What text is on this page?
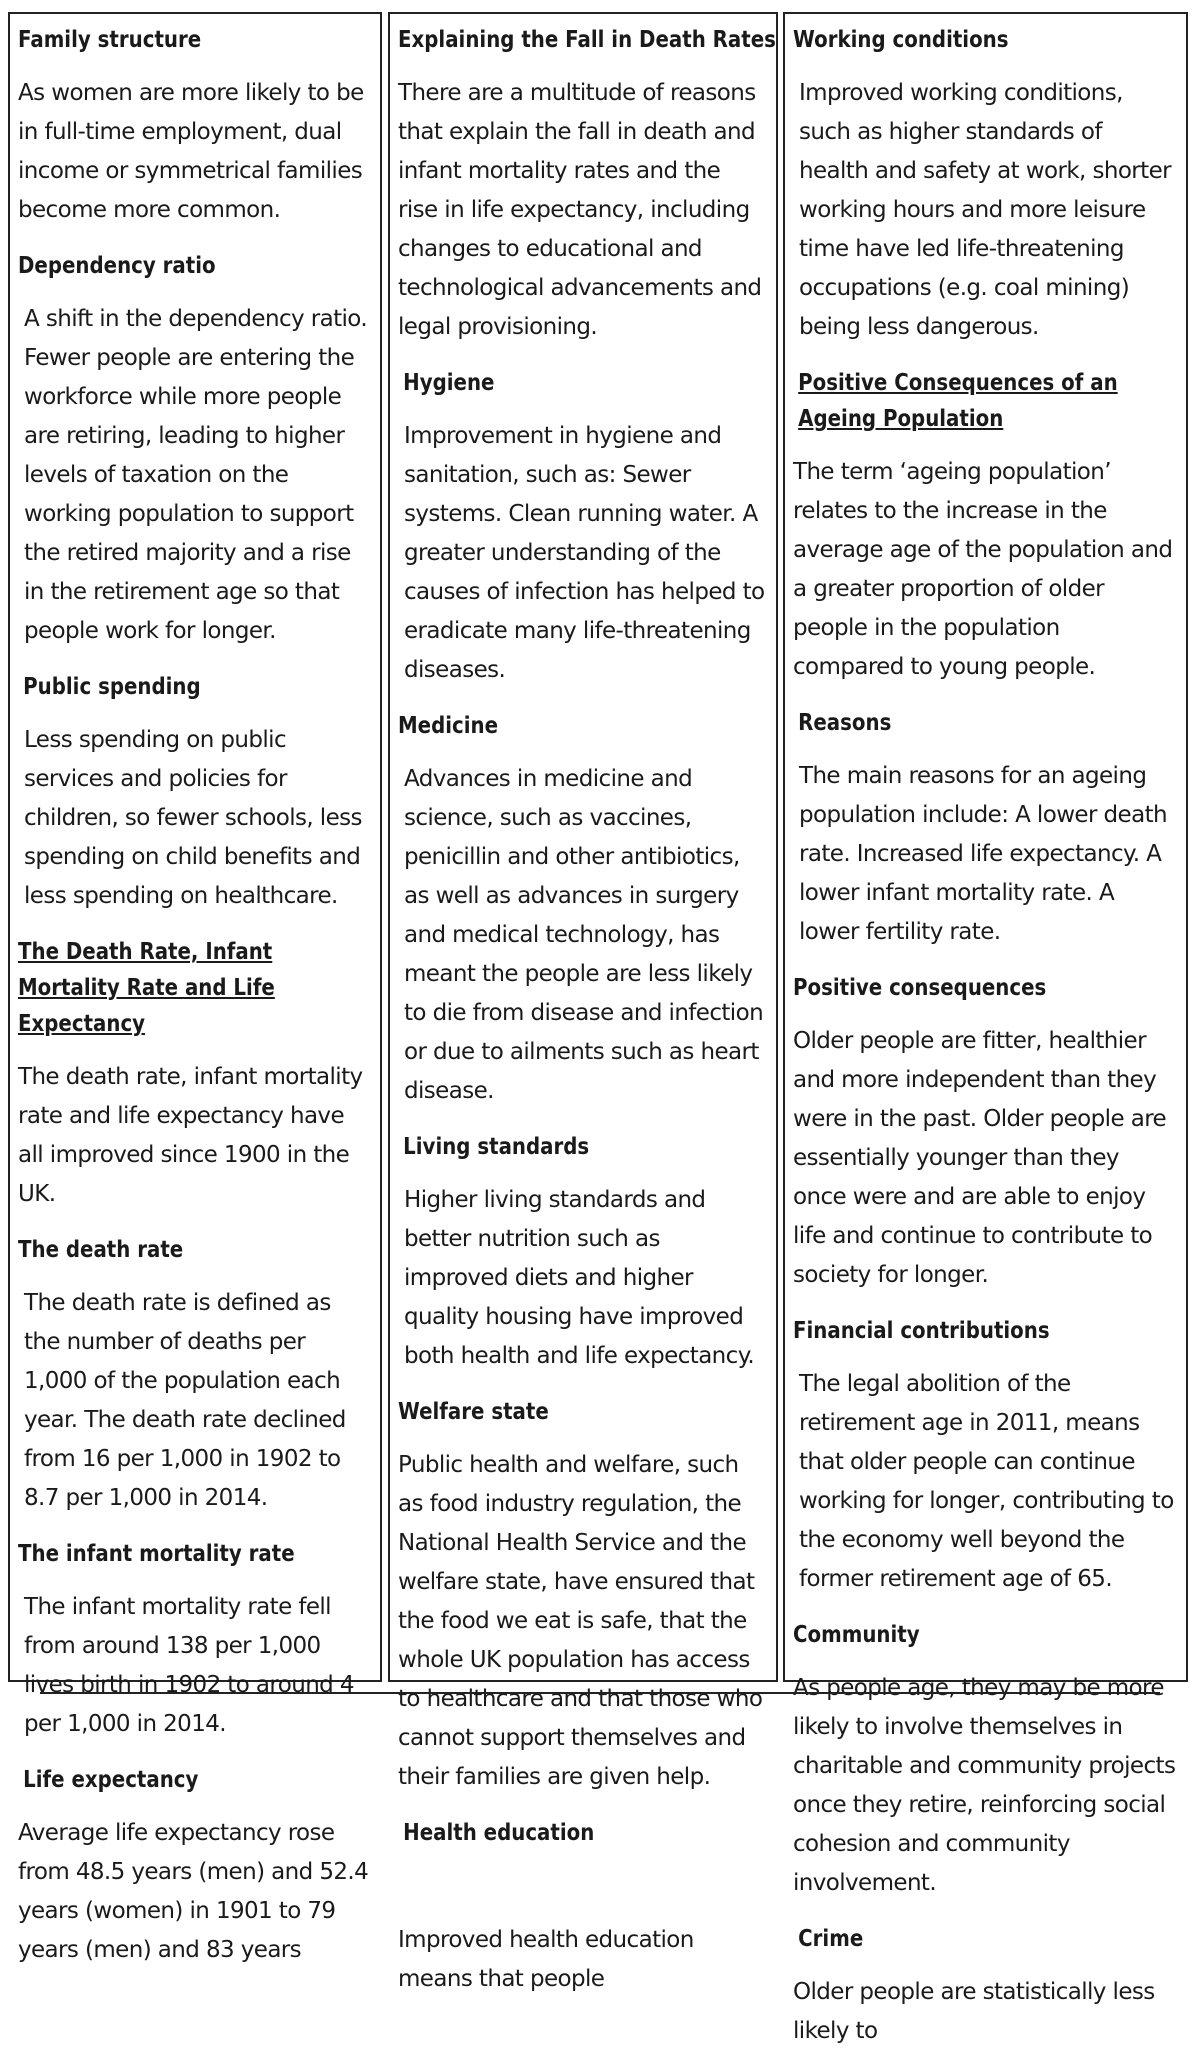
Family structure

As women are more likely to be in full-time employment, dual income or symmetrical families become more common.

Dependency ratio

A shift in the dependency ratio. Fewer people are entering the workforce while more people are retiring, leading to higher levels of taxation on the working population to support the retired majority and a rise in the retirement age so that people work for longer.

Public spending

Less spending on public services and policies for children, so fewer schools, less spending on child benefits and less spending on healthcare.

The Death Rate, Infant Mortality Rate and Life Expectancy

The death rate, infant mortality rate and life expectancy have all improved since 1900 in the UK.

The death rate

The death rate is defined as the number of deaths per 1,000 of the population each year. The death rate declined from 16 per 1,000 in 1902 to 8.7 per 1,000 in 2014.

The infant mortality rate

The infant mortality rate fell from around 138 per 1,000 lives birth in 1902 to around 4 per 1,000 in 2014.

Life expectancy

Average life expectancy rose from 48.5 years (men) and 52.4 years (women) in 1901 to 79 years (men) and 83 years

Explaining the Fall in Death Rates

There are a multitude of reasons that explain the fall in death and infant mortality rates and the rise in life expectancy, including changes to educational and technological advancements and legal provisioning.

Hygiene

Improvement in hygiene and sanitation, such as: Sewer systems. Clean running water. A greater understanding of the causes of infection has helped to eradicate many life-threatening diseases.

Medicine

Advances in medicine and science, such as vaccines, penicillin and other antibiotics, as well as advances in surgery and medical technology, has meant the people are less likely to die from disease and infection or due to ailments such as heart disease.

Living standards

Higher living standards and better nutrition such as improved diets and higher quality housing have improved both health and life expectancy.

Welfare state

Public health and welfare, such as food industry regulation, the National Health Service and the welfare state, have ensured that the food we eat is safe, that the whole UK population has access to healthcare and that those who cannot support themselves and their families are given help.

Health education

Improved health education means that people

Working conditions

Improved working conditions, such as higher standards of health and safety at work, shorter working hours and more leisure time have led life-threatening occupations (e.g. coal mining) being less dangerous.

Positive Consequences of an Ageing Population

The term ‘ageing population’ relates to the increase in the average age of the population and a greater proportion of older people in the population compared to young people.

Reasons

The main reasons for an ageing population include: A lower death rate. Increased life expectancy. A lower infant mortality rate. A lower fertility rate.

Positive consequences

Older people are fitter, healthier and more independent than they were in the past. Older people are essentially younger than they once were and are able to enjoy life and continue to contribute to society for longer.

Financial contributions

The legal abolition of the retirement age in 2011, means that older people can continue working for longer, contributing to the economy well beyond the former retirement age of 65.

Community

As people age, they may be more likely to involve themselves in charitable and community projects once they retire, reinforcing social cohesion and community involvement.

Crime

Older people are statistically less likely to
